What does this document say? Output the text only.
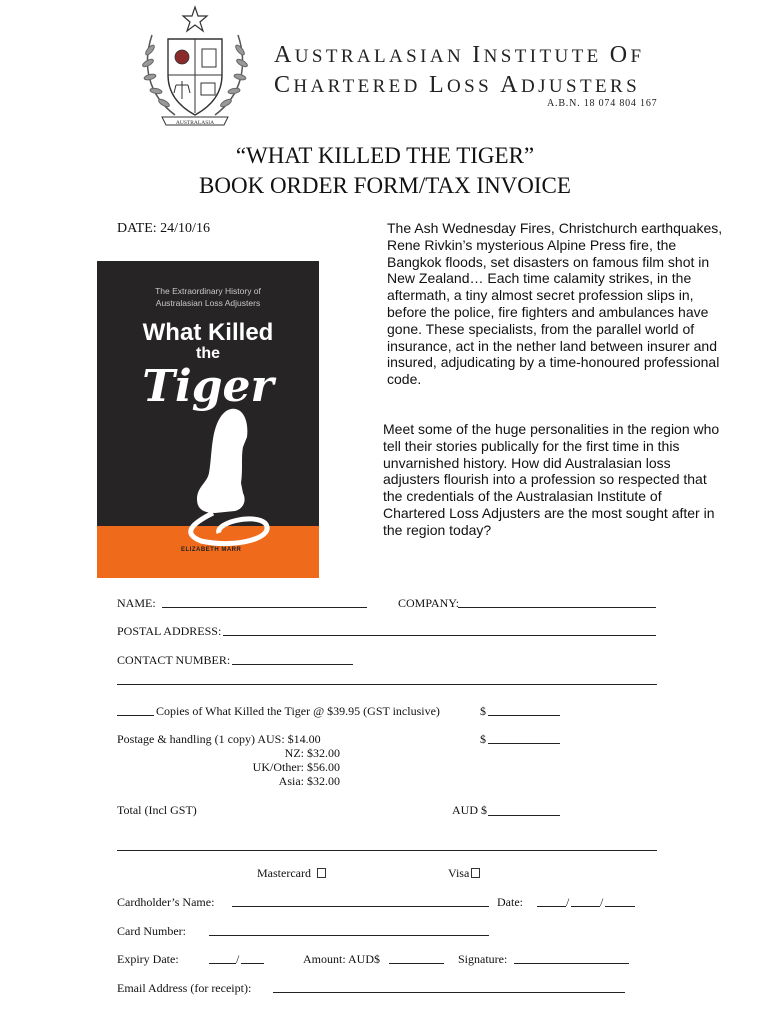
AUSTRALASIA
AUSTRALASIAN INSTITUTE OF
CHARTERED LOSS ADJUSTERS
A.B.N. 18 074 804 167
“WHAT KILLED THE TIGER”
BOOK ORDER FORM/TAX INVOICE
DATE: 24/10/16
The Extraordinary History of Australasian Loss Adjusters
What Killed
the
Tiger
ELIZABETH MARR

The Ash Wednesday Fires, Christchurch earthquakes, Rene Rivkin’s mysterious Alpine Press fire, the Bangkok floods, set disasters on famous film shot in New Zealand… Each time calamity strikes, in the aftermath, a tiny almost secret profession slips in, before the police, fire fighters and ambulances have gone. These specialists, from the parallel world of insurance, act in the nether land between insurer and insured, adjudicating by a time-honoured professional code.

Meet some of the huge personalities in the region who tell their stories publically for the first time in this unvarnished history. How did Australasian loss adjusters flourish into a profession so respected that the credentials of the Australasian Institute of Chartered Loss Adjusters are the most sought after in the region today?

NAME:	COMPANY:
POSTAL ADDRESS:
CONTACT NUMBER:
Copies of What Killed the Tiger @ $39.95 (GST inclusive)	$
Postage & handling (1 copy) AUS: $14.00	$
NZ: $32.00
UK/Other: $56.00
Asia: $32.00
Total (Incl GST)	AUD $
Mastercard	Visa
Cardholder’s Name:	Date:	/	/
Card Number:
Expiry Date:	/	Amount: AUD$	Signature:
Email Address (for receipt):
